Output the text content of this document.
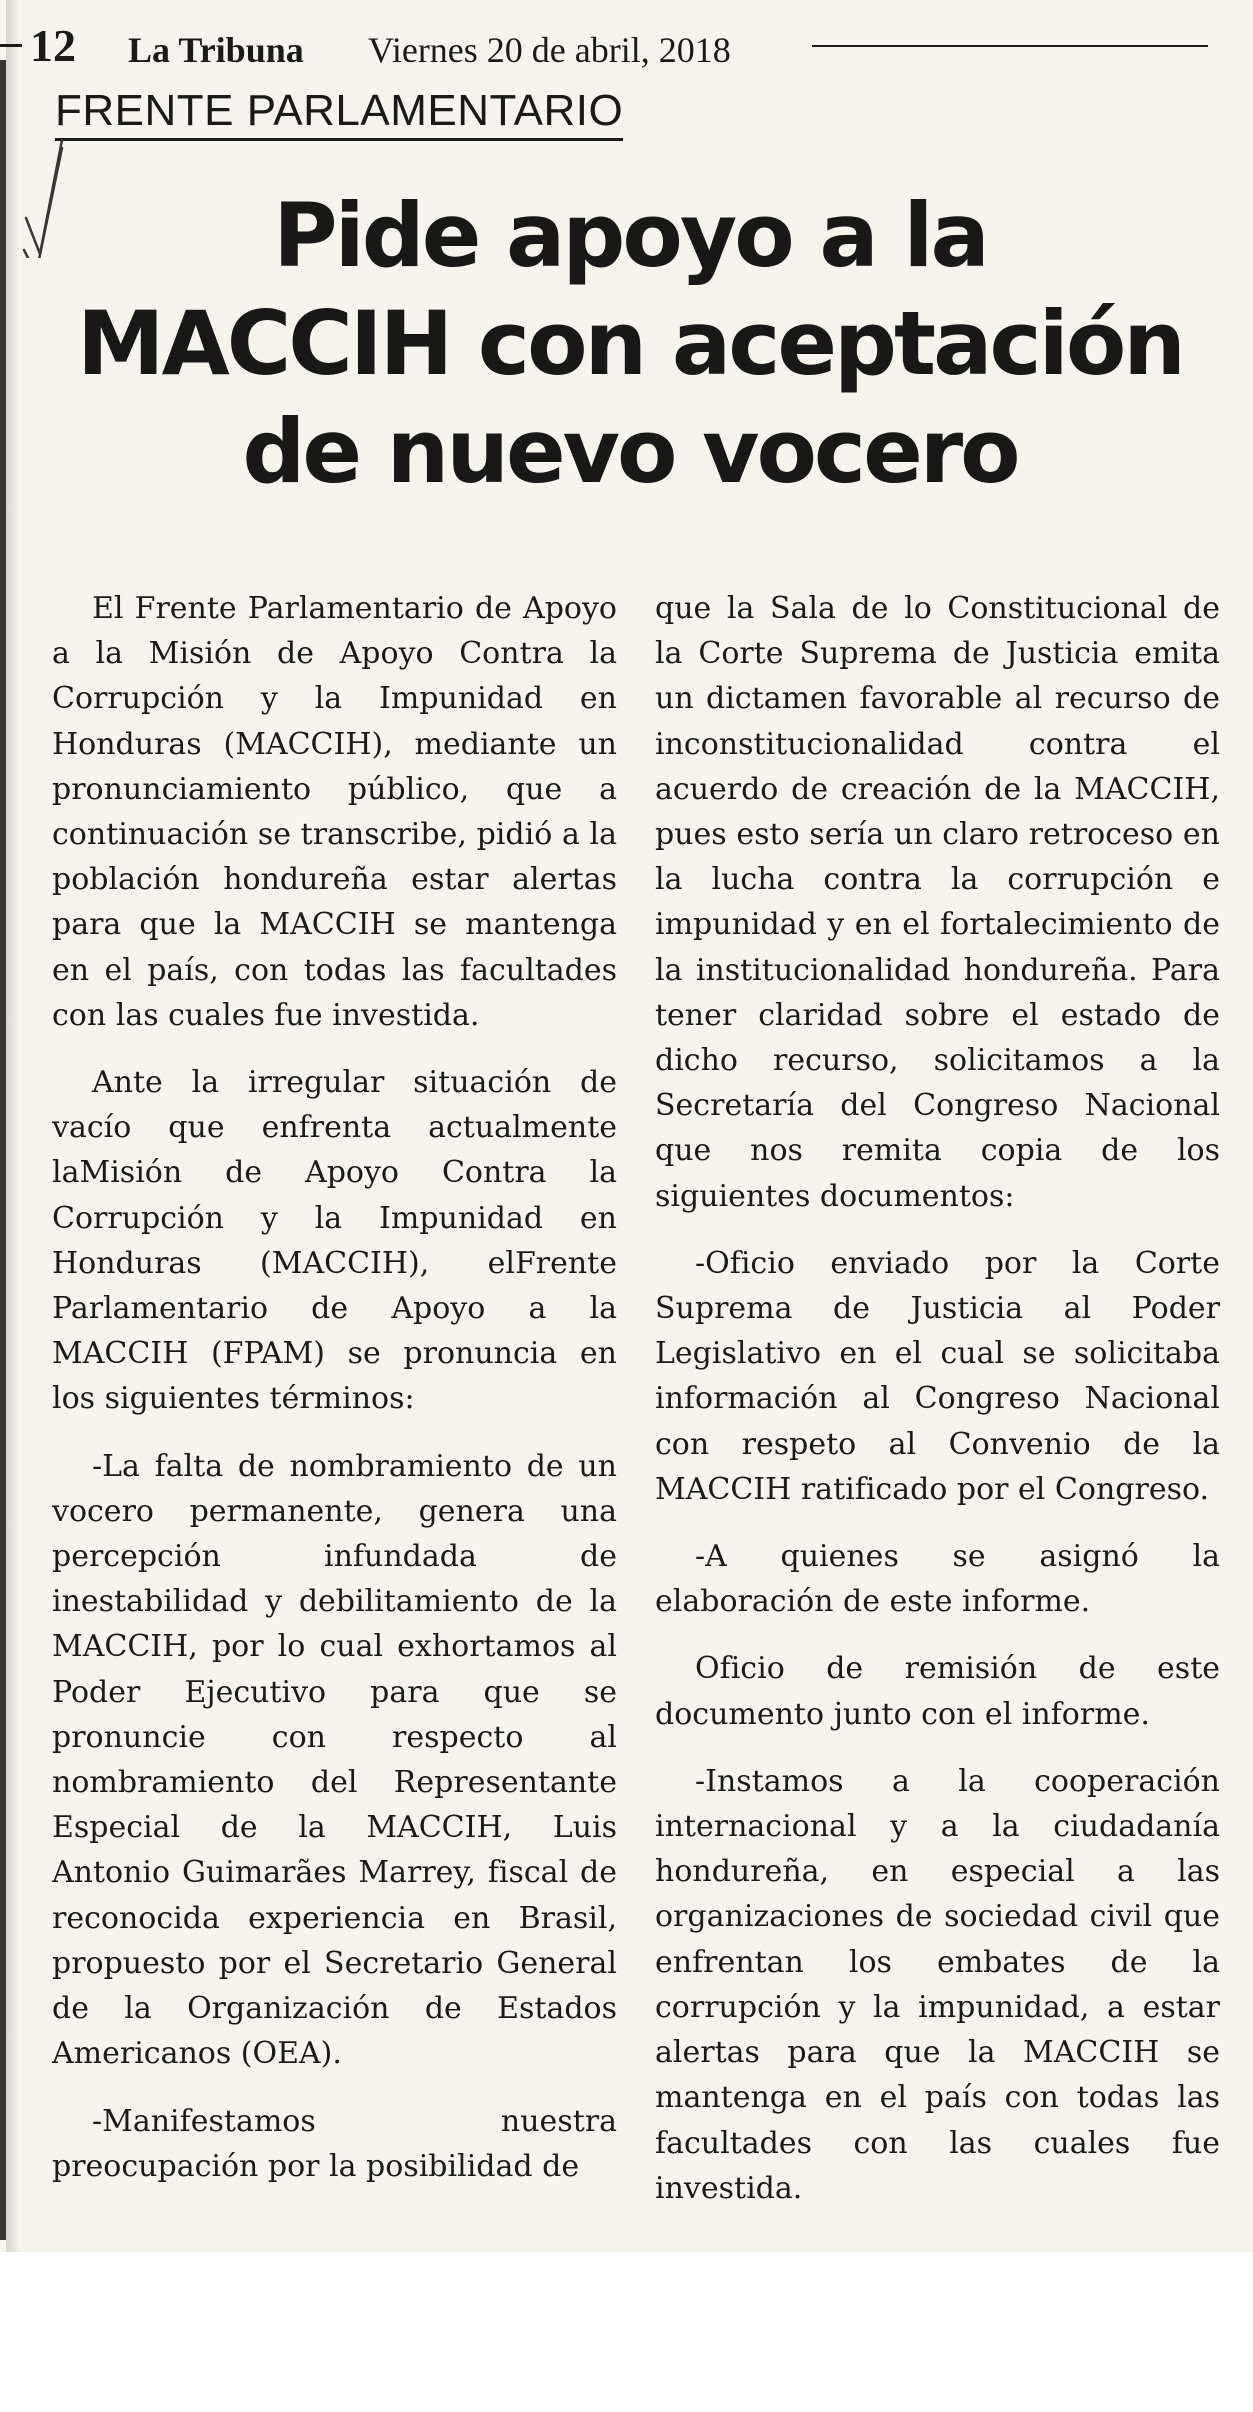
12 La Tribuna Viernes 20 de abril, 2018
FRENTE PARLAMENTARIO
Pide apoyo a la
MACCIH con aceptación
de nuevo vocero

El Frente Parlamentario de Apoyo a la Misión de Apoyo Contra la Corrupción y la Impunidad en Honduras (MACCIH), mediante un pronunciamiento público, que a continuación se transcribe, pidió a la población hondureña estar alertas para que la MACCIH se mantenga en el país, con todas las facultades con las cuales fue investida.

Ante la irregular situación de vacío que enfrenta actualmente laMisión de Apoyo Contra la Corrupción y la Impunidad en Honduras (MACCIH), elFrente Parlamentario de Apoyo a la MACCIH (FPAM) se pronuncia en los siguientes términos:

-La falta de nombramiento de un vocero permanente, genera una percepción infundada de inestabilidad y debilitamiento de la MACCIH, por lo cual exhortamos al Poder Ejecutivo para que se pronuncie con respecto al nombramiento del Representante Especial de la MACCIH, Luis Antonio Guimarães Marrey, fiscal de reconocida experiencia en Brasil, propuesto por el Secretario General de la Organización de Estados Americanos (OEA).

-Manifestamos nuestra preocupación por la posibilidad de

que la Sala de lo Constitucional de la Corte Suprema de Justicia emita un dictamen favorable al recurso de inconstitucionalidad contra el acuerdo de creación de la MACCIH, pues esto sería un claro retroceso en la lucha contra la corrupción e impunidad y en el fortalecimiento de la institucionalidad hondureña. Para tener claridad sobre el estado de dicho recurso, solicitamos a la Secretaría del Congreso Nacional que nos remita copia de los siguientes documentos:

-Oficio enviado por la Corte Suprema de Justicia al Poder Legislativo en el cual se solicitaba información al Congreso Nacional con respeto al Convenio de la MACCIH ratificado por el Congreso.

-A quienes se asignó la elaboración de este informe.

Oficio de remisión de este documento junto con el informe.

-Instamos a la cooperación internacional y a la ciudadanía hondureña, en especial a las organizaciones de sociedad civil que enfrentan los embates de la corrupción y la impunidad, a estar alertas para que la MACCIH se mantenga en el país con todas las facultades con las cuales fue investida.
